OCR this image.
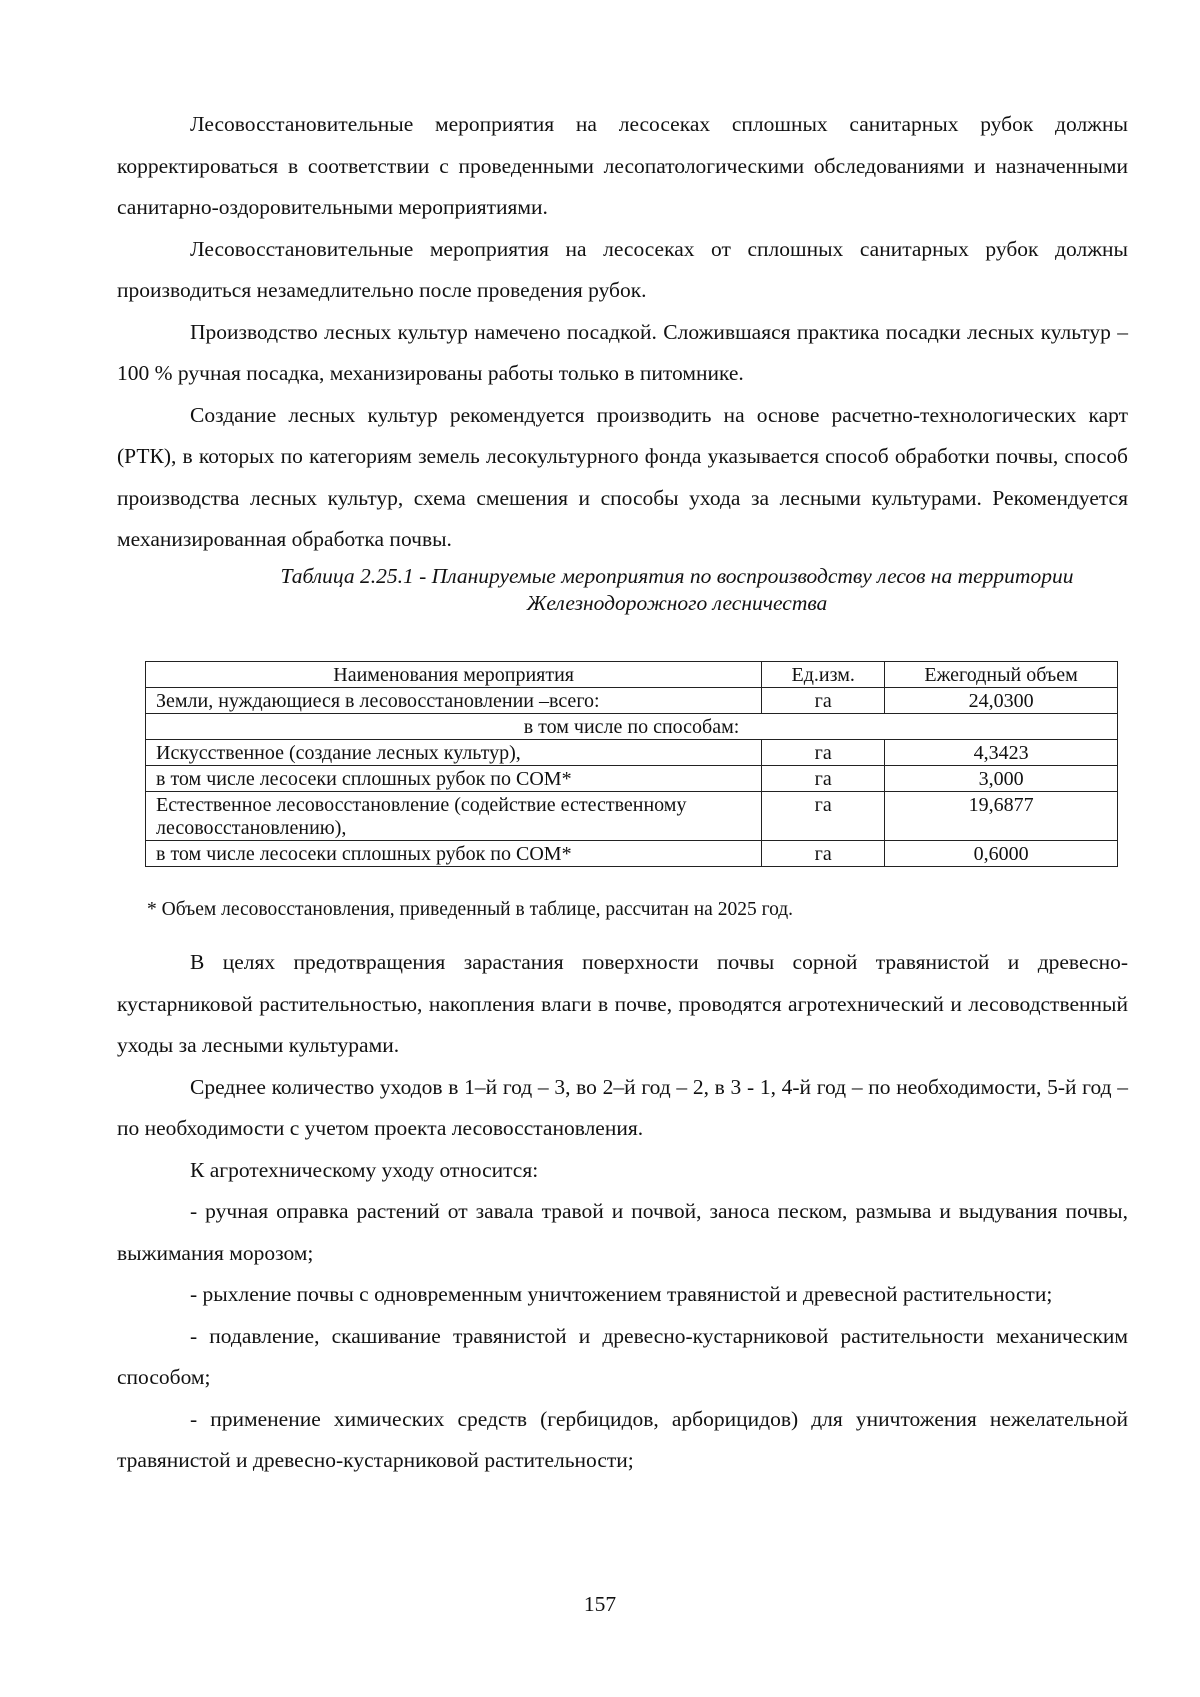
Лесовосстановительные мероприятия на лесосеках сплошных санитарных рубок должны корректироваться в соответствии с проведенными лесопатологическими обследованиями и назначенными санитарно-оздоровительными мероприятиями.

Лесовосстановительные мероприятия на лесосеках от сплошных санитарных рубок должны производиться незамедлительно после проведения рубок.

Производство лесных культур намечено посадкой. Сложившаяся практика посадки лесных культур – 100 % ручная посадка, механизированы работы только в питомнике.

Создание лесных культур рекомендуется производить на основе расчетно-технологических карт (РТК), в которых по категориям земель лесокультурного фонда указывается способ обработки почвы, способ производства лесных культур, схема смешения и способы ухода за лесными культурами. Рекомендуется механизированная обработка почвы.

Таблица 2.25.1 - Планируемые мероприятия по воспроизводству лесов на территории
Железнодорожного лесничества
Наименования мероприятия	Ед.изм.	Ежегодный объем
Земли, нуждающиеся в лесовосстановлении –всего:	га	24,0300
в том числе по способам:		
Искусственное (создание лесных культур),	га	4,3423
в том числе лесосеки сплошных рубок по СОМ*	га	3,000
Естественное лесовосстановление (содействие естественному лесовосстановлению),	га	19,6877
в том числе лесосеки сплошных рубок по СОМ*	га	0,6000
* Объем лесовосстановления, приведенный в таблице, рассчитан на 2025 год.

В целях предотвращения зарастания поверхности почвы сорной травянистой и древесно-кустарниковой растительностью, накопления влаги в почве, проводятся агротехнический и лесоводственный уходы за лесными культурами.

Среднее количество уходов в 1–й год – 3, во 2–й год – 2, в 3 - 1, 4-й год – по необходимости, 5-й год – по необходимости с учетом проекта лесовосстановления.

К агротехническому уходу относится:

- ручная оправка растений от завала травой и почвой, заноса песком, размыва и выдувания почвы, выжимания морозом;

- рыхление почвы с одновременным уничтожением травянистой и древесной растительности;

- подавление, скашивание травянистой и древесно-кустарниковой растительности механическим способом;

- применение химических средств (гербицидов, арборицидов) для уничтожения нежелательной травянистой и древесно-кустарниковой растительности;

157
